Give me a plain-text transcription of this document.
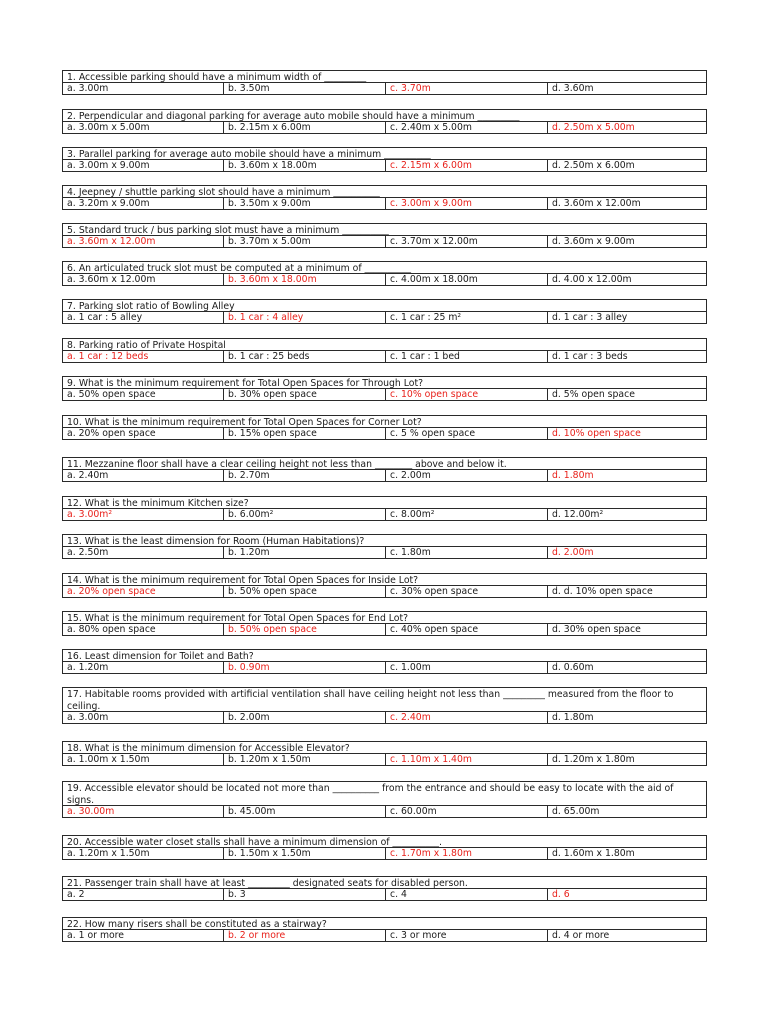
1. Accessible parking should have a minimum width of _________
a. 3.00m	b. 3.50m	c. 3.70m	d. 3.60m
2. Perpendicular and diagonal parking for average auto mobile should have a minimum _________
a. 3.00m x 5.00m	b. 2.15m x 6.00m	c. 2.40m x 5.00m	d. 2.50m x 5.00m
3. Parallel parking for average auto mobile should have a minimum __________
a. 3.00m x 9.00m	b. 3.60m x 18.00m	c. 2.15m x 6.00m	d. 2.50m x 6.00m
4. Jeepney / shuttle parking slot should have a minimum __________
a. 3.20m x 9.00m	b. 3.50m x 9.00m	c. 3.00m x 9.00m	d. 3.60m x 12.00m
5. Standard truck / bus parking slot must have a minimum __________
a. 3.60m x 12.00m	b. 3.70m x 5.00m	c. 3.70m x 12.00m	d. 3.60m x 9.00m
6. An articulated truck slot must be computed at a minimum of __________
a. 3.60m x 12.00m	b. 3.60m x 18.00m	c. 4.00m x 18.00m	d. 4.00 x 12.00m
7. Parking slot ratio of Bowling Alley
a. 1 car : 5 alley	b. 1 car : 4 alley	c. 1 car : 25 m²	d. 1 car : 3 alley
8. Parking ratio of Private Hospital
a. 1 car : 12 beds	b. 1 car : 25 beds	c. 1 car : 1 bed	d. 1 car : 3 beds
9. What is the minimum requirement for Total Open Spaces for Through Lot?
a. 50% open space	b. 30% open space	c. 10% open space	d. 5% open space
10. What is the minimum requirement for Total Open Spaces for Corner Lot?
a. 20% open space	b. 15% open space	c. 5 % open space	d. 10% open space
11. Mezzanine floor shall have a clear ceiling height not less than ________ above and below it.
a. 2.40m	b. 2.70m	c. 2.00m	d. 1.80m
12. What is the minimum Kitchen size?
a. 3.00m²	b. 6.00m²	c. 8.00m²	d. 12.00m²
13. What is the least dimension for Room (Human Habitations)?
a. 2.50m	b. 1.20m	c. 1.80m	d. 2.00m
14. What is the minimum requirement for Total Open Spaces for Inside Lot?
a. 20% open space	b. 50% open space	c. 30% open space	d. d. 10% open space
15. What is the minimum requirement for Total Open Spaces for End Lot?
a. 80% open space	b. 50% open space	c. 40% open space	d. 30% open space
16. Least dimension for Toilet and Bath?
a. 1.20m	b. 0.90m	c. 1.00m	d. 0.60m
17. Habitable rooms provided with artificial ventilation shall have ceiling height not less than _________ measured from the floor to ceiling.
a. 3.00m	b. 2.00m	c. 2.40m	d. 1.80m
18. What is the minimum dimension for Accessible Elevator?
a. 1.00m x 1.50m	b. 1.20m x 1.50m	c. 1.10m x 1.40m	d. 1.20m x 1.80m
19. Accessible elevator should be located not more than __________ from the entrance and should be easy to locate with the aid of signs.
a. 30.00m	b. 45.00m	c. 60.00m	d. 65.00m
20. Accessible water closet stalls shall have a minimum dimension of __________.
a. 1.20m x 1.50m	b. 1.50m x 1.50m	c. 1.70m x 1.80m	d. 1.60m x 1.80m
21. Passenger train shall have at least _________ designated seats for disabled person.
a. 2	b. 3	c. 4	d. 6
22. How many risers shall be constituted as a stairway?
a. 1 or more	b. 2 or more	c. 3 or more	d. 4 or more
